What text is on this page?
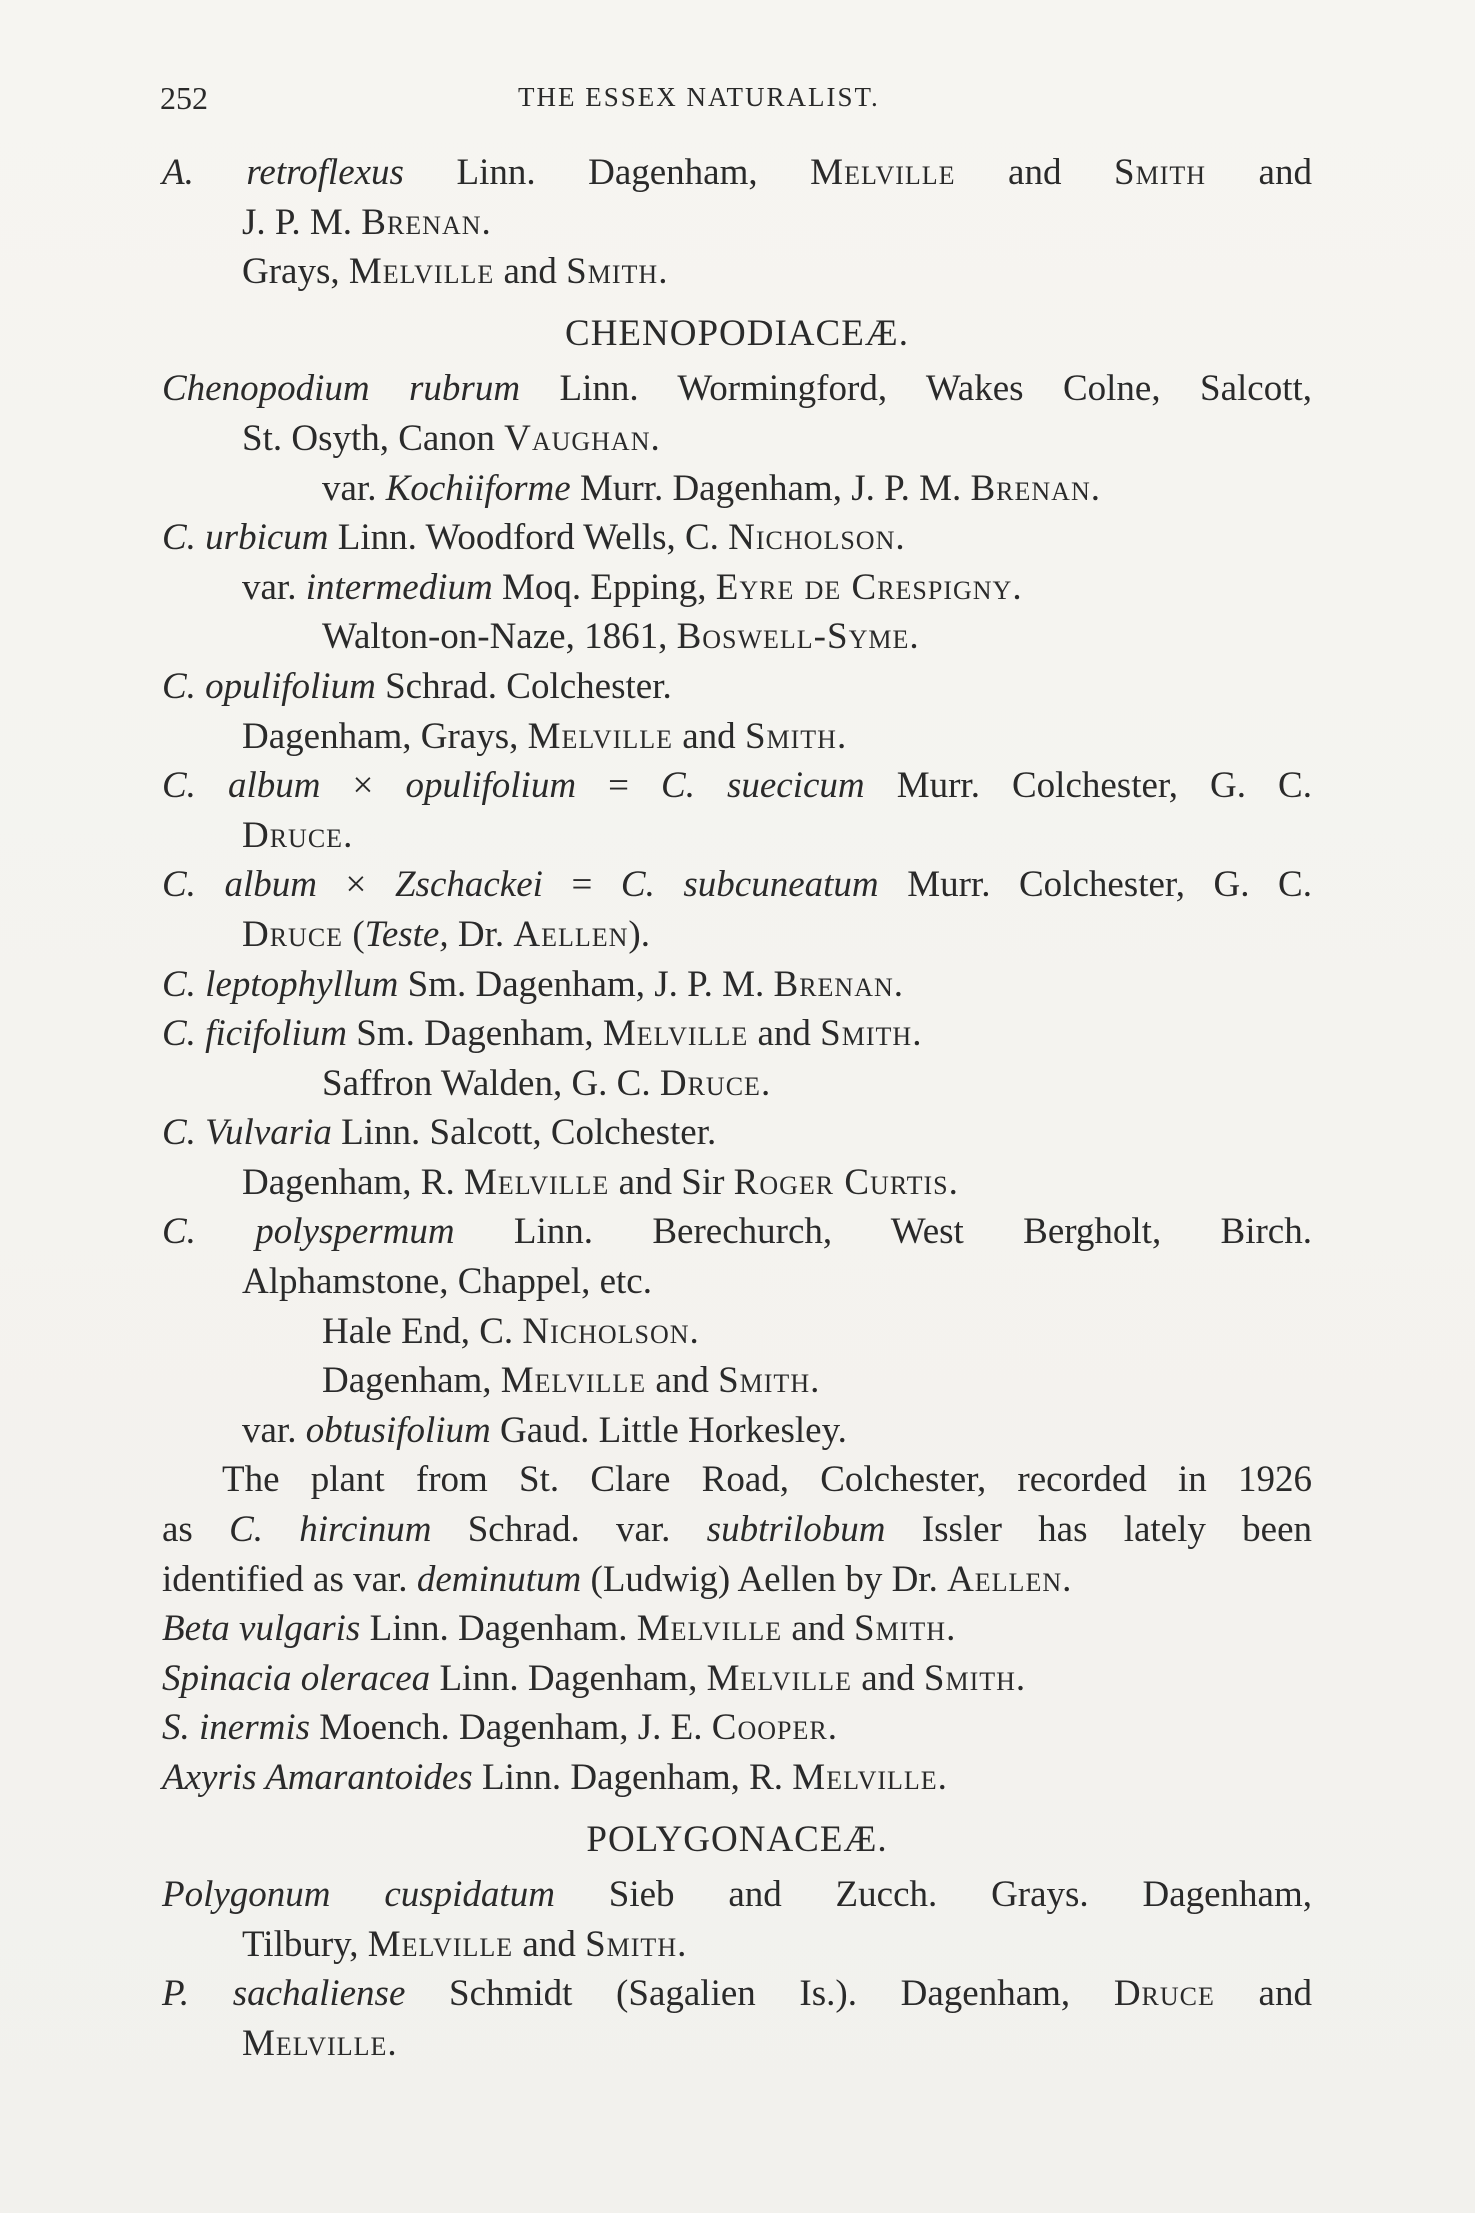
252	THE ESSEX NATURALIST.

A. retroflexus Linn. Dagenham, Melville and Smith and

J. P. M. Brenan.

Grays, Melville and Smith.

CHENOPODIACEÆ.

Chenopodium rubrum Linn. Wormingford, Wakes Colne, Salcott,

St. Osyth, Canon Vaughan.

var. Kochiiforme Murr. Dagenham, J. P. M. Brenan.

C. urbicum Linn. Woodford Wells, C. Nicholson.

var. intermedium Moq. Epping, Eyre de Crespigny.

Walton-on-Naze, 1861, Boswell-Syme.

C. opulifolium Schrad. Colchester.

Dagenham, Grays, Melville and Smith.

C. album × opulifolium = C. suecicum Murr. Colchester, G. C.

Druce.

C. album × Zschackei = C. subcuneatum Murr. Colchester, G. C.

Druce (Teste, Dr. Aellen).

C. leptophyllum Sm. Dagenham, J. P. M. Brenan.

C. ficifolium Sm. Dagenham, Melville and Smith.

Saffron Walden, G. C. Druce.

C. Vulvaria Linn. Salcott, Colchester.

Dagenham, R. Melville and Sir Roger Curtis.

C. polyspermum Linn. Berechurch, West Bergholt, Birch.

Alphamstone, Chappel, etc.

Hale End, C. Nicholson.

Dagenham, Melville and Smith.

var. obtusifolium Gaud. Little Horkesley.

The plant from St. Clare Road, Colchester, recorded in 1926

as C. hircinum Schrad. var. subtrilobum Issler has lately been

identified as var. deminutum (Ludwig) Aellen by Dr. Aellen.

Beta vulgaris Linn. Dagenham. Melville and Smith.

Spinacia oleracea Linn. Dagenham, Melville and Smith.

S. inermis Moench. Dagenham, J. E. Cooper.

Axyris Amarantoides Linn. Dagenham, R. Melville.

POLYGONACEÆ.

Polygonum cuspidatum Sieb and Zucch. Grays. Dagenham,

Tilbury, Melville and Smith.

P. sachaliense Schmidt (Sagalien Is.). Dagenham, Druce and

Melville.
